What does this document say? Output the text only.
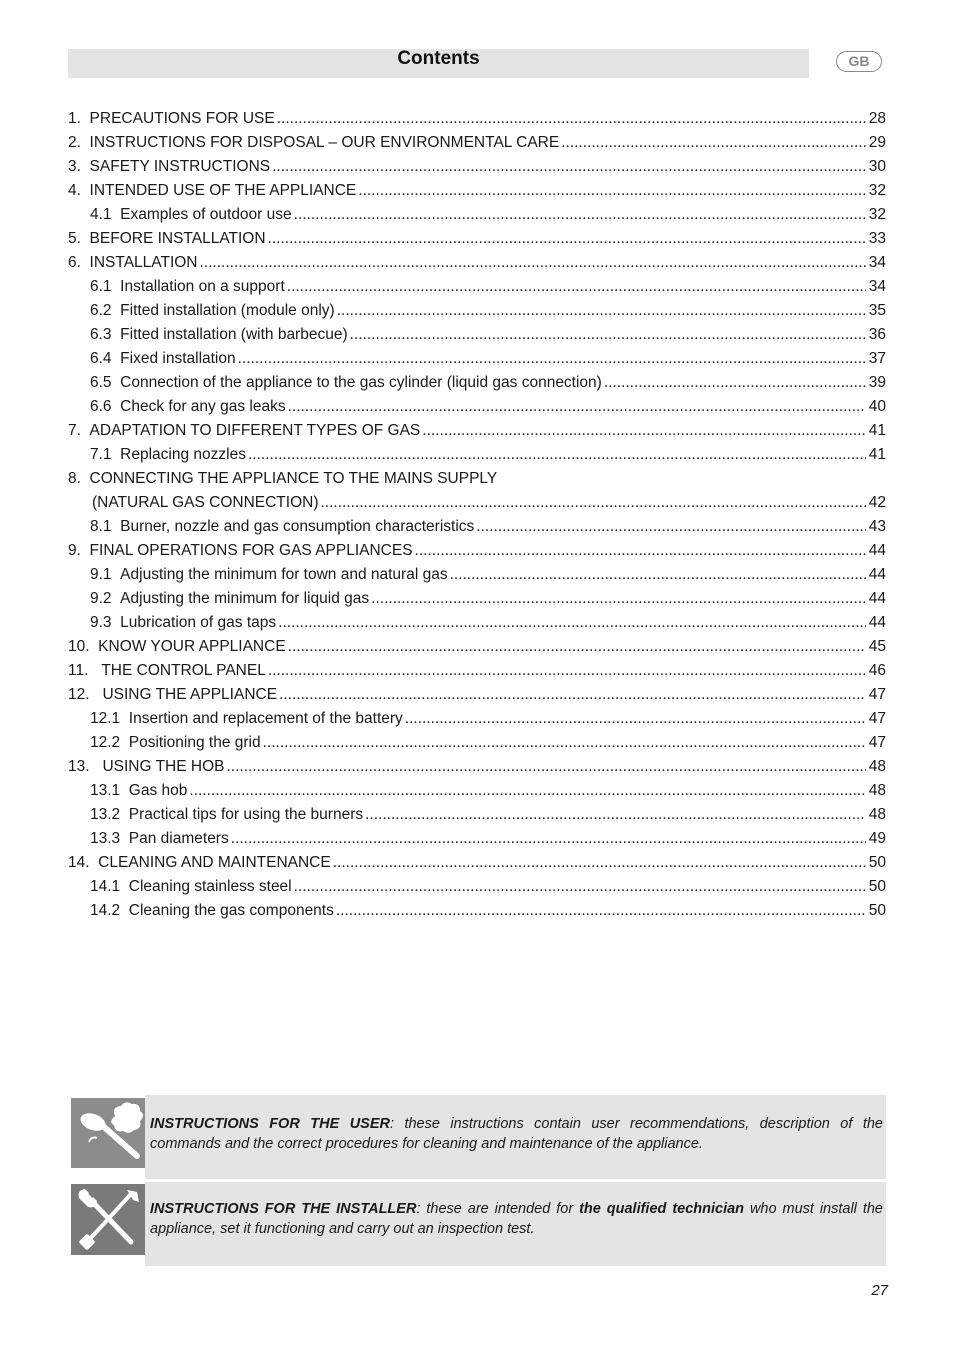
Contents	GB
1. PRECAUTIONS FOR USE .....	28
2. INSTRUCTIONS FOR DISPOSAL – OUR ENVIRONMENTAL CARE .....	29
3. SAFETY INSTRUCTIONS .....	30
4. INTENDED USE OF THE APPLIANCE .....	32
4.1 Examples of outdoor use .....	32
5. BEFORE INSTALLATION .....	33
6. INSTALLATION .....	34
6.1 Installation on a support .....	34
6.2 Fitted installation (module only) .....	35
6.3 Fitted installation (with barbecue) .....	36
6.4 Fixed installation .....	37
6.5 Connection of the appliance to the gas cylinder (liquid gas connection) .....	39
6.6 Check for any gas leaks .....	40
7. ADAPTATION TO DIFFERENT TYPES OF GAS .....	41
7.1 Replacing nozzles .....	41
8. CONNECTING THE APPLIANCE TO THE MAINS SUPPLY
(NATURAL GAS CONNECTION) .....	42
8.1 Burner, nozzle and gas consumption characteristics .....	43
9. FINAL OPERATIONS FOR GAS APPLIANCES .....	44
9.1 Adjusting the minimum for town and natural gas .....	44
9.2 Adjusting the minimum for liquid gas .....	44
9.3 Lubrication of gas taps .....	44
10. KNOW YOUR APPLIANCE .....	45
11. THE CONTROL PANEL .....	46
12. USING THE APPLIANCE .....	47
12.1 Insertion and replacement of the battery .....	47
12.2 Positioning the grid .....	47
13. USING THE HOB .....	48
13.1 Gas hob .....	48
13.2 Practical tips for using the burners .....	48
13.3 Pan diameters .....	49
14. CLEANING AND MAINTENANCE .....	50
14.1 Cleaning stainless steel .....	50
14.2 Cleaning the gas components .....	50

INSTRUCTIONS FOR THE USER: these instructions contain user recommendations, description of the commands and the correct procedures for cleaning and maintenance of the appliance.

INSTRUCTIONS FOR THE INSTALLER: these are intended for the qualified technician who must install the appliance, set it functioning and carry out an inspection test.

27
